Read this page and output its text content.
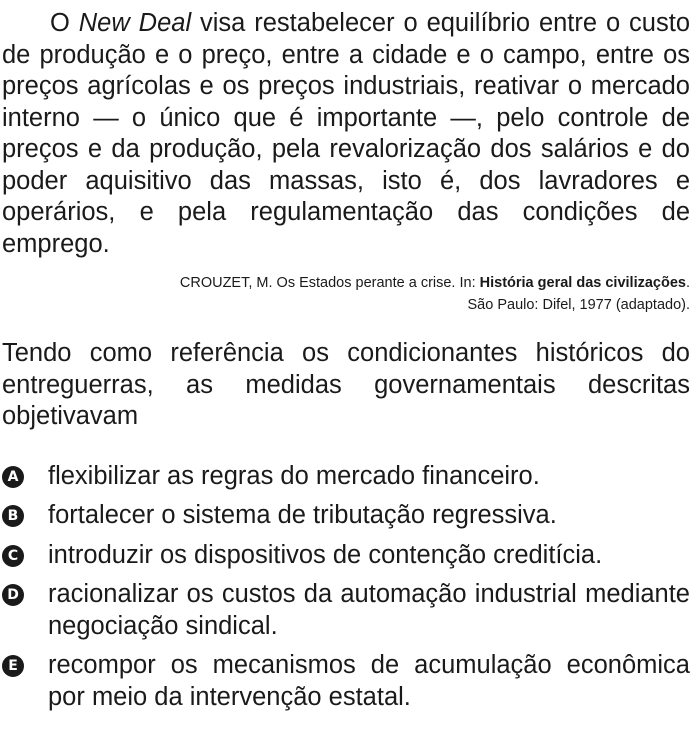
O New Deal visa restabelecer o equilíbrio entre o custo de produção e o preço, entre a cidade e o campo, entre os preços agrícolas e os preços industriais, reativar o mercado interno — o único que é importante —, pelo controle de preços e da produção, pela revalorização dos salários e do poder aquisitivo das massas, isto é, dos lavradores e operários, e pela regulamentação das condições de emprego.

CROUZET, M. Os Estados perante a crise. In: História geral das civilizações.
São Paulo: Difel, 1977 (adaptado).

Tendo como referência os condicionantes históricos do entreguerras, as medidas governamentais descritas objetivavam

A flexibilizar as regras do mercado financeiro.
B fortalecer o sistema de tributação regressiva.
C introduzir os dispositivos de contenção creditícia.
D racionalizar os custos da automação industrial mediante negociação sindical.
E recompor os mecanismos de acumulação econômica por meio da intervenção estatal.
